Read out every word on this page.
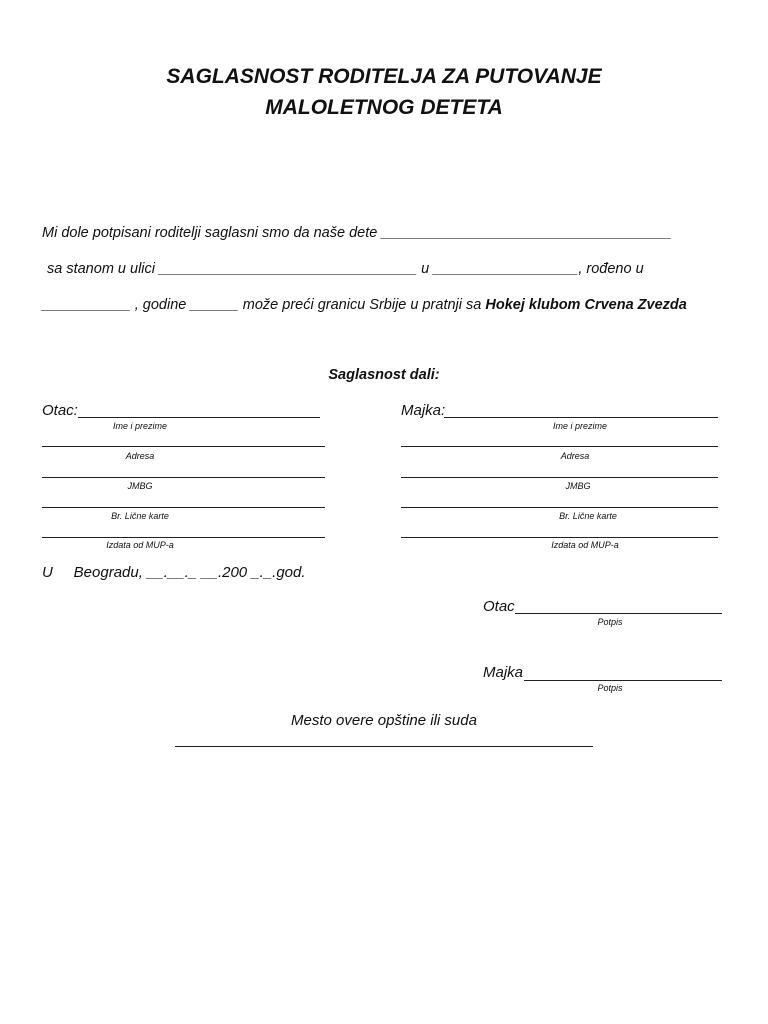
SAGLASNOST RODITELJA ZA PUTOVANJE
MALOLETNOG DETETA
Mi dole potpisani roditelji saglasni smo da naše dete ____________________________________
sa stanom u ulici ________________________________ u __________________, rođeno u
___________ , godine ______ može preći granicu Srbije u pratnji sa Hokej klubom Crvena Zvezda
Saglasnost dali:
Otac:
Ime i prezime
Adresa
JMBG
Br. Lične karte
Izdata od MUP-a
Majka:
Ime i prezime
Adresa
JMBG
Br. Lične karte
Izdata od MUP-a
U     Beogradu, __.__._ __.200 _._.god.
Otac
Potpis
Majka
Potpis
Mesto overe opštine ili suda
